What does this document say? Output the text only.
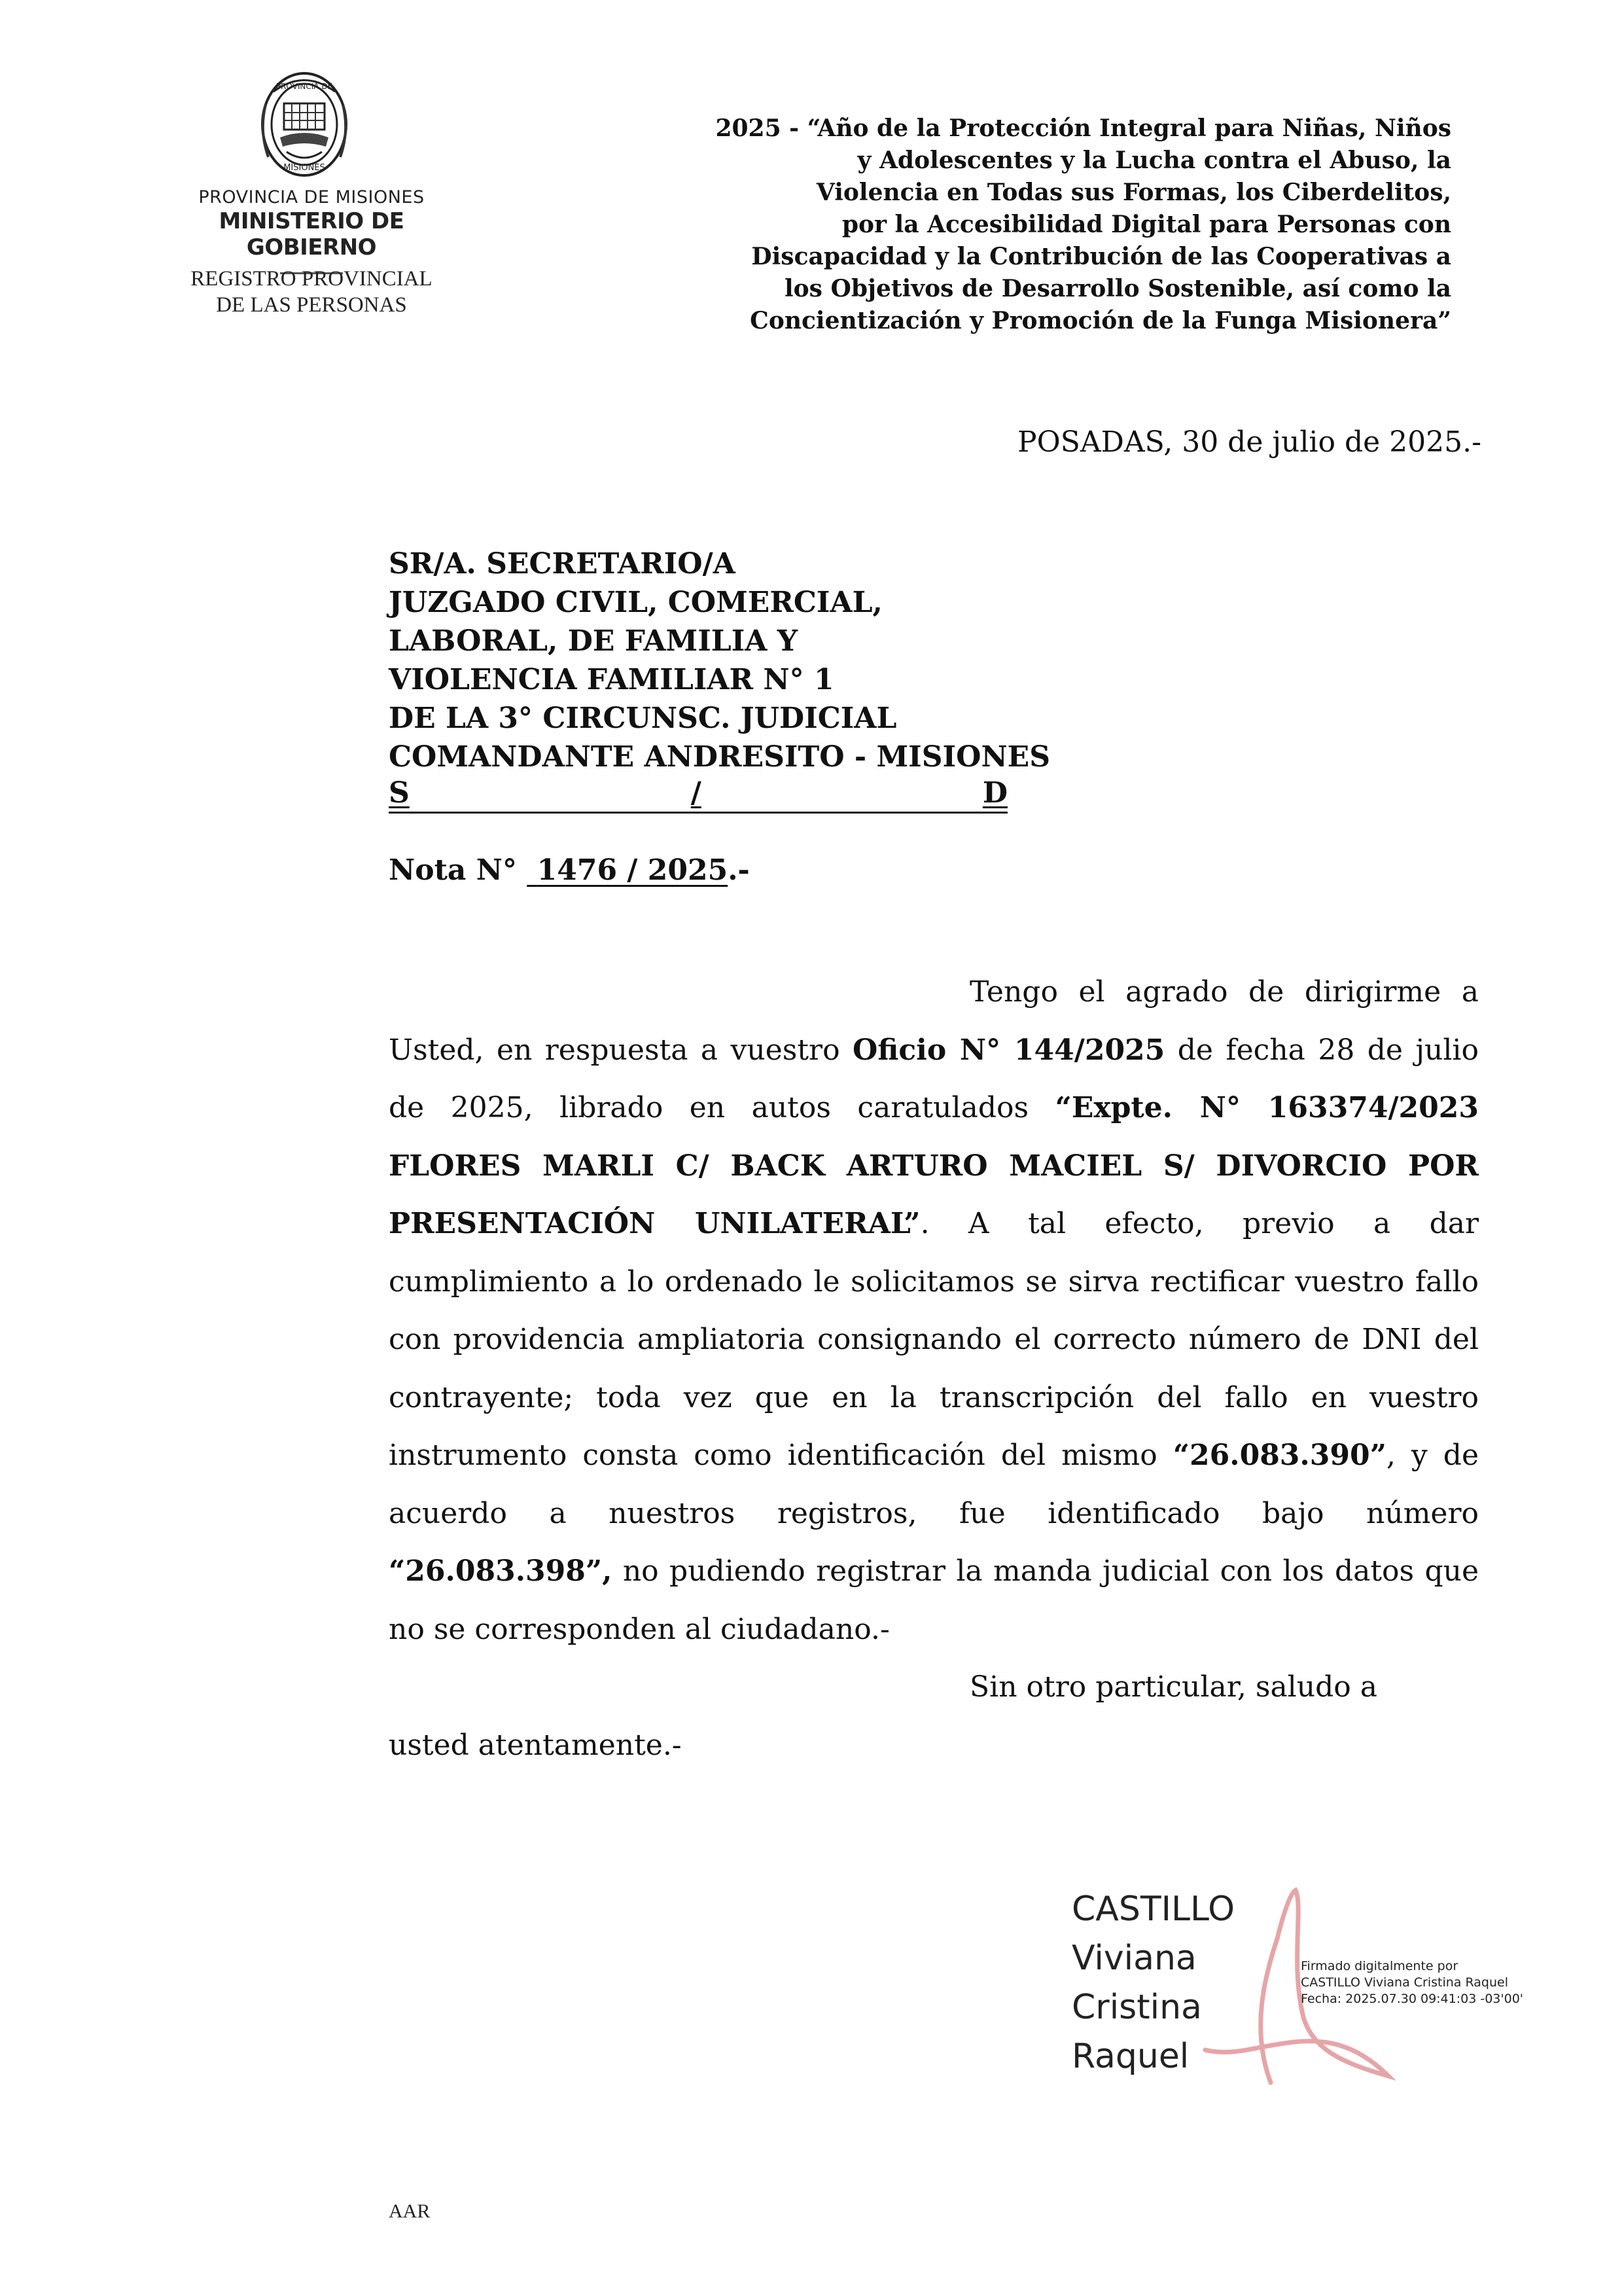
PROVINCIA DE
MISIONES
PROVINCIA DE MISIONES
MINISTERIO DE GOBIERNO
REGISTRO PROVINCIAL
DE LAS PERSONAS
2025 - “Año de la Protección Integral para Niñas, Niños
y Adolescentes y la Lucha contra el Abuso, la
Violencia en Todas sus Formas, los Ciberdelitos,
por la Accesibilidad Digital para Personas con
Discapacidad y la Contribución de las Cooperativas a
los Objetivos de Desarrollo Sostenible, así como la
Concientización y Promoción de la Funga Misionera”
POSADAS, 30 de julio de 2025.-
SR/A. SECRETARIO/A
JUZGADO CIVIL, COMERCIAL,
LABORAL, DE FAMILIA Y
VIOLENCIA FAMILIAR N° 1
DE LA 3° CIRCUNSC. JUDICIAL
COMANDANTE ANDRESITO - MISIONES
S	/	D
Nota N° 1476 / 2025.-

Tengo el agrado de dirigirme a Usted, en respuesta a vuestro Oficio N° 144/2025 de fecha 28 de julio de 2025, librado en autos caratulados “Expte. N° 163374/2023 FLORES MARLI C/ BACK ARTURO MACIEL S/ DIVORCIO POR PRESENTACIÓN UNILATERAL”. A tal efecto, previo a dar cumplimiento a lo ordenado le solicitamos se sirva rectificar vuestro fallo con providencia ampliatoria consignando el correcto número de DNI del contrayente; toda vez que en la transcripción del fallo en vuestro instrumento consta como identificación del mismo “26.083.390”, y de acuerdo a nuestros registros, fue identificado bajo número “26.083.398”, no pudiendo registrar la manda judicial con los datos que no se corresponden al ciudadano.-

Sin otro particular, saludo a

usted atentamente.-

CASTILLO
Viviana
Cristina
Raquel
Firmado digitalmente por
CASTILLO Viviana Cristina Raquel
Fecha: 2025.07.30 09:41:03 -03'00'
AAR
